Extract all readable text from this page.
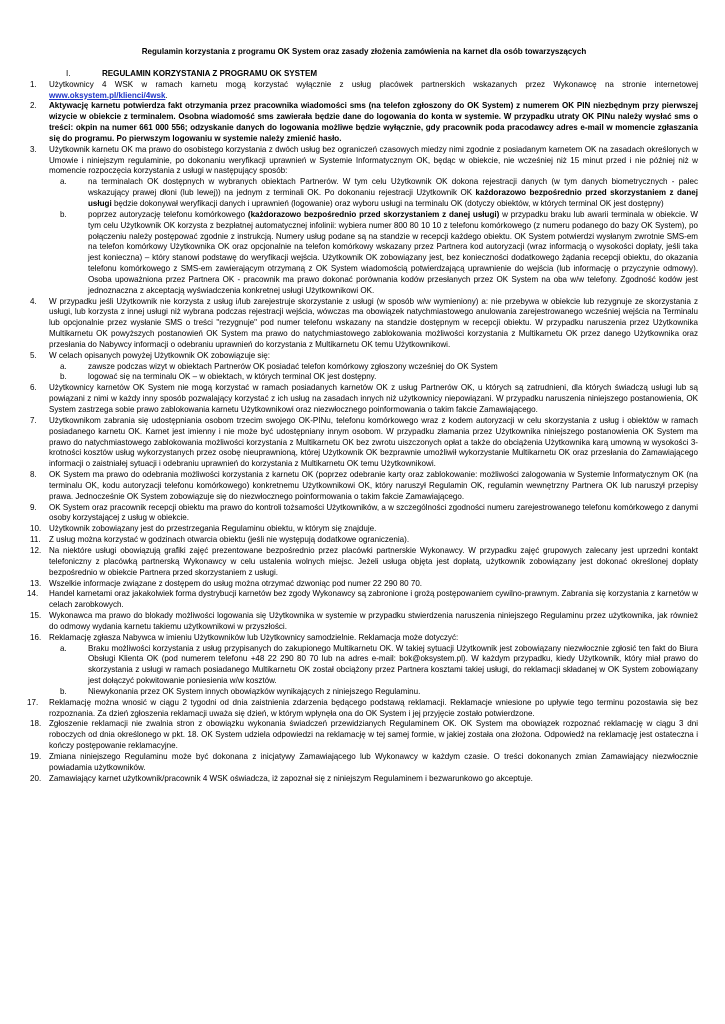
Regulamin korzystania z programu OK System oraz zasady złożenia zamówienia na karnet dla osób towarzyszących

I.	REGULAMIN KORZYSTANIA Z PROGRAMU OK SYSTEM

1. Użytkownicy 4 WSK w ramach karnetu mogą korzystać wyłącznie z usług placówek partnerskich wskazanych przez Wykonawcę na stronie internetowej www.oksystem.pl/klienci/4wsk.

2. Aktywację karnetu potwierdza fakt otrzymania przez pracownika wiadomości sms (na telefon zgłoszony do OK System) z numerem OK PIN niezbędnym przy pierwszej wizycie w obiekcie z terminalem. Osobna wiadomość sms zawierała będzie dane do logowania do konta w systemie. W przypadku utraty OK PINu należy wysłać sms o treści: okpin na numer 661 000 556; odzyskanie danych do logowania możliwe będzie wyłącznie, gdy pracownik poda pracodawcy adres e-mail w momencie zgłaszania się do programu. Po pierwszym logowaniu w systemie należy zmienić hasło.

3. Użytkownik karnetu OK ma prawo do osobistego korzystania z dwóch usług bez ograniczeń czasowych miedzy nimi zgodnie z posiadanym karnetem OK na zasadach określonych w Umowie i niniejszym regulaminie, po dokonaniu weryfikacji uprawnień w Systemie Informatycznym OK, będąc w obiekcie, nie wcześniej niż 15 minut przed i nie później niż w momencie rozpoczęcia korzystania z usługi w następujący sposób:

a.	na terminalach OK dostępnych w wybranych obiektach Partnerów. W tym celu Użytkownik OK dokona rejestracji danych (w tym danych biometrycznych - palec wskazujący prawej dłoni (lub lewej)) na jednym z terminali OK. Po dokonaniu rejestracji Użytkownik OK każdorazowo bezpośrednio przed skorzystaniem z danej usługi będzie dokonywał weryfikacji danych i uprawnień (logowanie) oraz wyboru usługi na terminalu OK (dotyczy obiektów, w których terminal OK jest dostępny)

b.	poprzez autoryzację telefonu komórkowego (każdorazowo bezpośrednio przed skorzystaniem z danej usługi) w przypadku braku lub awarii terminala w obiekcie. W tym celu Użytkownik OK korzysta z bezpłatnej automatycznej infolinii: wybiera numer 800 80 10 10 z telefonu komórkowego (z numeru podanego do bazy OK System), po połączeniu należy postępować zgodnie z instrukcją. Numery usług podane są na standzie w recepcji każdego obiektu. OK System potwierdzi wysłanym zwrotnie SMS-em na telefon komórkowy Użytkownika OK oraz opcjonalnie na telefon komórkowy wskazany przez Partnera kod autoryzacji (wraz informacją o wysokości dopłaty, jeśli taka jest konieczna) – który stanowi podstawę do weryfikacji wejścia. Użytkownik OK zobowiązany jest, bez konieczności dodatkowego żądania recepcji obiektu, do okazania telefonu komórkowego z SMS-em zawierającym otrzymaną z OK System wiadomością potwierdzającą uprawnienie do wejścia (lub informację o przyczynie odmowy). Osoba upoważniona przez Partnera OK - pracownik ma prawo dokonać porównania kodów przesłanych przez OK System na oba w/w telefony. Zgodność kodów jest jednoznaczna z akceptacją wyświadczenia konkretnej usługi Użytkownikowi OK.

4. W przypadku jeśli Użytkownik nie korzysta z usług i/lub zarejestruje skorzystanie z usługi (w sposób w/w wymieniony) a: nie przebywa w obiekcie lub rezygnuje ze skorzystania z usługi, lub korzysta z innej usługi niż wybrana podczas rejestracji wejścia, wówczas ma obowiązek natychmiastowego anulowania zarejestrowanego wcześniej wejścia na Terminalu lub opcjonalnie przez wysłanie SMS o treści "rezygnuje" pod numer telefonu wskazany na standzie dostępnym w recepcji obiektu. W przypadku naruszenia przez Użytkownika Multikarnetu OK powyższych postanowień OK System ma prawo do natychmiastowego zablokowania możliwości korzystania z Multikarnetu OK przez danego Użytkownika oraz przesłania do Nabywcy informacji o odebraniu uprawnień do korzystania z Multikarnetu OK temu Użytkownikowi.

5. W celach opisanych powyżej Użytkownik OK zobowiązuje się:

a.	zawsze podczas wizyt w obiektach Partnerów OK posiadać telefon komórkowy zgłoszony wcześniej do OK System

b.	logować się na terminalu OK – w obiektach, w których terminal OK jest dostępny.

6. Użytkownicy karnetów OK System nie mogą korzystać w ramach posiadanych karnetów OK z usług Partnerów OK, u których są zatrudnieni, dla których świadczą usługi lub są powiązani z nimi w każdy inny sposób pozwalający korzystać z ich usług na zasadach innych niż użytkownicy niepowiązani. W przypadku naruszenia niniejszego postanowienia, OK System zastrzega sobie prawo zablokowania karnetu Użytkownikowi oraz niezwłocznego poinformowania o takim fakcie Zamawiającego.

7. Użytkownikom zabrania się udostępniania osobom trzecim swojego OK-PINu, telefonu komórkowego wraz z kodem autoryzacji w celu skorzystania z usług i obiektów w ramach posiadanego karnetu OK. Karnet jest imienny i nie może być udostępniany innym osobom. W przypadku złamania przez Użytkownika niniejszego postanowienia OK System ma prawo do natychmiastowego zablokowania możliwości korzystania z Multikarnetu OK bez zwrotu uiszczonych opłat a także do obciążenia Użytkownika karą umowną w wysokości 3-krotności kosztów usług wykorzystanych przez osobę nieuprawnioną, której Użytkownik OK bezprawnie umożliwił wykorzystanie Multikarnetu OK oraz przesłania do Zamawiającego informacji o zaistniałej sytuacji i odebraniu uprawnień do korzystania z Multikarnetu OK temu Użytkownikowi.

8. OK System ma prawo do odebrania możliwości korzystania z karnetu OK (poprzez odebranie karty oraz zablokowanie: możliwości zalogowania w Systemie Informatycznym OK (na terminalu OK, kodu autoryzacji telefonu komórkowego) konkretnemu Użytkownikowi OK, który naruszył Regulamin OK, regulamin wewnętrzny Partnera OK lub naruszył przepisy prawa. Jednocześnie OK System zobowiązuje się do niezwłocznego poinformowania o takim fakcie Zamawiającego.

9. OK System oraz pracownik recepcji obiektu ma prawo do kontroli tożsamości Użytkowników, a w szczególności zgodności numeru zarejestrowanego telefonu komórkowego z danymi osoby korzystającej z usług w obiekcie.

10. Użytkownik zobowiązany jest do przestrzegania Regulaminu obiektu, w którym się znajduje.

11. Z usług można korzystać w godzinach otwarcia obiektu (jeśli nie występują dodatkowe ograniczenia).

12. Na niektóre usługi obowiązują grafiki zajęć prezentowane bezpośrednio przez placówki partnerskie Wykonawcy. W przypadku zajęć grupowych zalecany jest uprzedni kontakt telefoniczny z placówką partnerską Wykonawcy w celu ustalenia wolnych miejsc. Jeżeli usługa objęta jest dopłatą, użytkownik zobowiązany jest dokonać określonej dopłaty bezpośrednio w obiekcie Partnera przed skorzystaniem z usługi.

13. Wszelkie informacje związane z dostępem do usług można otrzymać dzwoniąc pod numer 22 290 80 70.

14. Handel karnetami oraz jakakolwiek forma dystrybucji karnetów bez zgody Wykonawcy są zabronione i grożą postępowaniem cywilno-prawnym. Zabrania się korzystania z karnetów w celach zarobkowych.

15. Wykonawca ma prawo do blokady możliwości logowania się Użytkownika w systemie w przypadku stwierdzenia naruszenia niniejszego Regulaminu przez użytkownika, jak również do odmowy wydania karnetu takiemu użytkownikowi w przyszłości.

16. Reklamację zgłasza Nabywca w imieniu Użytkowników lub Użytkownicy samodzielnie. Reklamacja może dotyczyć:

a.	Braku możliwości korzystania z usług przypisanych do zakupionego Multikarnetu OK. W takiej sytuacji Użytkownik jest zobowiązany niezwłocznie zgłosić ten fakt do Biura Obsługi Klienta OK (pod numerem telefonu +48 22 290 80 70 lub na adres e-mail: bok@oksystem.pl). W każdym przypadku, kiedy Użytkownik, który miał prawo do skorzystania z usługi w ramach posiadanego Multikarnetu OK został obciążony przez Partnera kosztami takiej usługi, do reklamacji składanej w OK System zobowiązany jest dołączyć pokwitowanie poniesienia w/w kosztów.

b.	Niewykonania przez OK System innych obowiązków wynikających z niniejszego Regulaminu.

17. Reklamację można wnosić w ciągu 2 tygodni od dnia zaistnienia zdarzenia będącego podstawą reklamacji. Reklamacje wniesione po upływie tego terminu pozostawia się bez rozpoznania. Za dzień zgłoszenia reklamacji uważa się dzień, w którym wpłynęła ona do OK System i jej przyjęcie zostało potwierdzone.

18. Zgłoszenie reklamacji nie zwalnia stron z obowiązku wykonania świadczeń przewidzianych Regulaminem OK. OK System ma obowiązek rozpoznać reklamację w ciągu 3 dni roboczych od dnia określonego w pkt. 18. OK System udziela odpowiedzi na reklamację w tej samej formie, w jakiej została ona złożona. Odpowiedź na reklamację jest ostateczna i kończy postępowanie reklamacyjne.

19. Zmiana niniejszego Regulaminu może być dokonana z inicjatywy Zamawiającego lub Wykonawcy w każdym czasie. O treści dokonanych zmian Zamawiający niezwłocznie powiadamia użytkowników.

20. Zamawiający karnet użytkownik/pracownik 4 WSK oświadcza, iż zapoznał się z niniejszym Regulaminem i bezwarunkowo go akceptuje.
